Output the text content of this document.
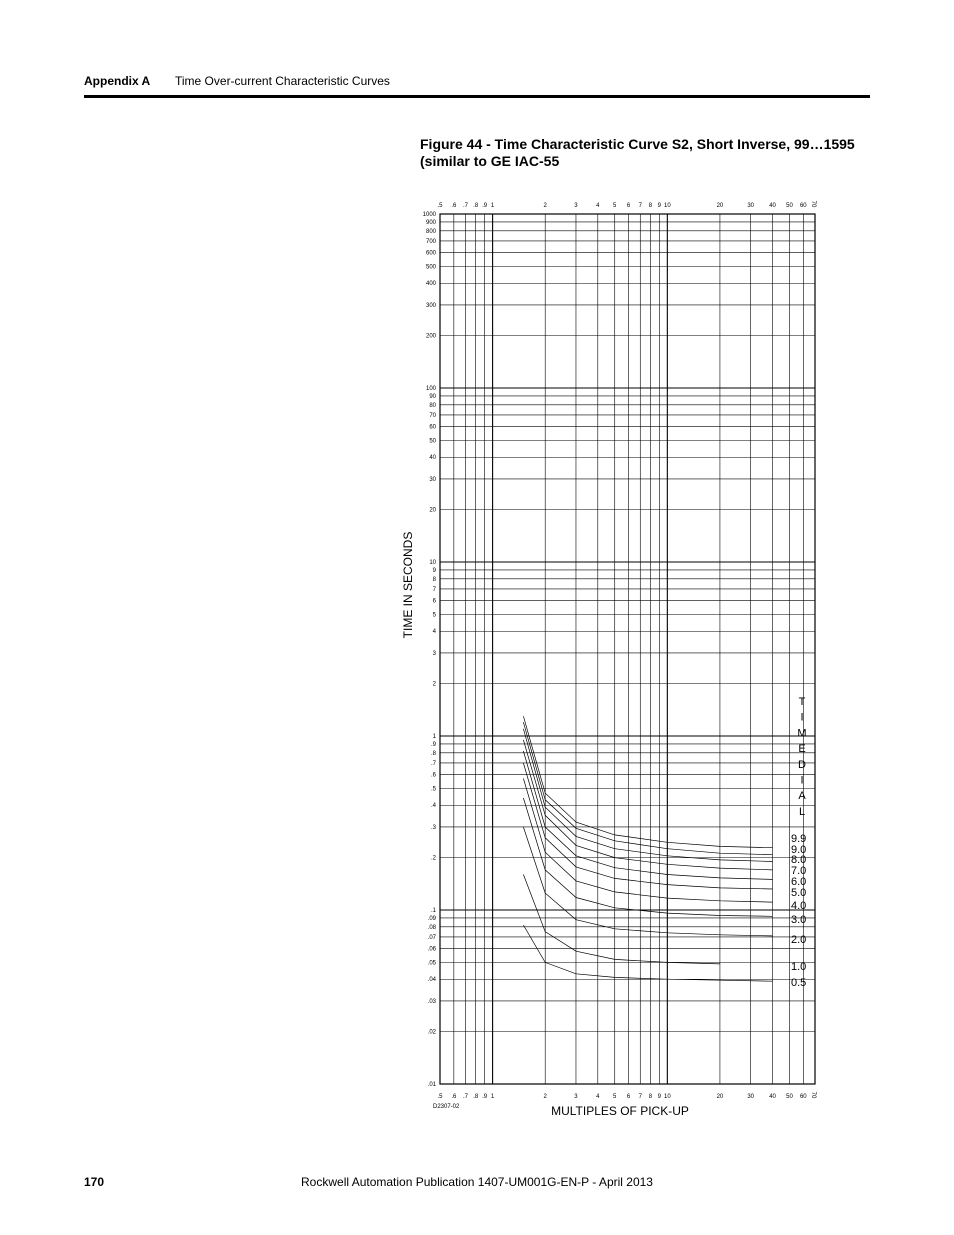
Appendix A Time Over-current Characteristic Curves
Figure 44 - Time Characteristic Curve S2, Short Inverse, 99…1595 (similar to GE IAC-55
.5
.5
.6
.6
.7
.7
.8
.8
.9
.9
1
1
2
2
3
3
4
4
5
5
6
6
7
7
8
8
9
9
10
10
20
20
30
30
40
40
50
50
60
60
70
70
1000
900
800
700
600
500
400
300
200
100
90
80
70
60
50
40
30
20
10
9
8
7
6
5
4
3
2
1
.9
.8
.7
.6
.5
.4
.3
.2
.1
.09
.08
.07
.06
.05
.04
.03
.02
.01
9.9
9.0
8.0
7.0
6.0
5.0
4.0
3.0
2.0
1.0
0.5
T
I
M
E
D
I
A
L
MULTIPLES OF PICK-UP
TIME IN SECONDS
D2307-02
170	Rockwell Automation Publication 1407-UM001G-EN-P - April 2013
